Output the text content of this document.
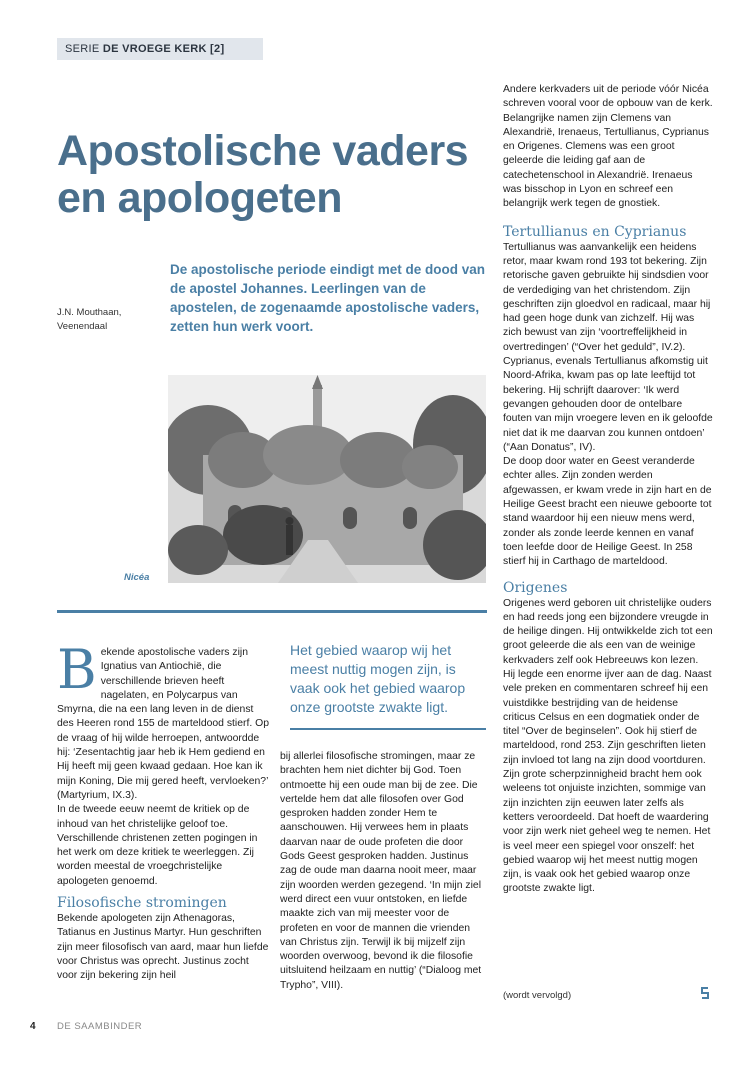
SERIE DE VROEGE KERK [2]
Apostolische vaders en apologeten

De apostolische periode eindigt met de dood van de apostel Johannes. Leerlingen van de apostelen, de zogenaamde apostolische vaders, zetten hun werk voort.

J.N. Mouthaan,
Veenendaal
Nicéa

Bekende apostolische vaders zijn Ignatius van Antiochië, die verschillende brieven heeft nagelaten, en Polycarpus van Smyrna, die na een lang leven in de dienst des Heeren rond 155 de marteldood stierf. Op de vraag of hij wilde herroepen, antwoordde hij: ‘Zesentachtig jaar heb ik Hem gediend en Hij heeft mij geen kwaad gedaan. Hoe kan ik mijn Koning, Die mij gered heeft, vervloeken?’ (Martyrium, IX.3).

In de tweede eeuw neemt de kritiek op de inhoud van het christelijke geloof toe. Verschillende christenen zetten pogingen in het werk om deze kritiek te weerleggen. Zij worden meestal de vroegchristelijke apologeten genoemd.

Filosofische stromingen

Bekende apologeten zijn Athenagoras, Tatianus en Justinus Martyr. Hun geschriften zijn meer filosofisch van aard, maar hun liefde voor Christus was oprecht. Justinus zocht voor zijn bekering zijn heil

Het gebied waarop wij het meest nuttig mogen zijn, is vaak ook het gebied waarop onze grootste zwakte ligt.

bij allerlei filosofische stromingen, maar ze brachten hem niet dichter bij God. Toen ontmoette hij een oude man bij de zee. Die vertelde hem dat alle filosofen over God gesproken hadden zonder Hem te aanschouwen. Hij verwees hem in plaats daarvan naar de oude profeten die door Gods Geest gesproken hadden. Justinus zag de oude man daarna nooit meer, maar zijn woorden werden gezegend. ‘In mijn ziel werd direct een vuur ontstoken, en liefde maakte zich van mij meester voor de profeten en voor de mannen die vrienden van Christus zijn. Terwijl ik bij mijzelf zijn woorden overwoog, bevond ik die filosofie uitsluitend heilzaam en nuttig’ (“Dialoog met Trypho”, VIII).

Andere kerkvaders uit de periode vóór Nicéa schreven vooral voor de opbouw van de kerk. Belangrijke namen zijn Clemens van Alexandrië, Irenaeus, Tertullianus, Cyprianus en Origenes. Clemens was een groot geleerde die leiding gaf aan de catechetenschool in Alexandrië. Irenaeus was bisschop in Lyon en schreef een belangrijk werk tegen de gnostiek.

Tertullianus en Cyprianus

Tertullianus was aanvankelijk een heidens retor, maar kwam rond 193 tot bekering. Zijn retorische gaven gebruikte hij sindsdien voor de verdediging van het christendom. Zijn geschriften zijn gloedvol en radicaal, maar hij had geen hoge dunk van zichzelf. Hij was zich bewust van zijn ‘voortreffelijkheid in overtredingen’ (“Over het geduld”, IV.2).

Cyprianus, evenals Tertullianus afkomstig uit Noord-Afrika, kwam pas op late leeftijd tot bekering. Hij schrijft daarover: ‘Ik werd gevangen gehouden door de ontelbare fouten van mijn vroegere leven en ik geloofde niet dat ik me daarvan zou kunnen ontdoen’ (“Aan Donatus”, IV).

De doop door water en Geest veranderde echter alles. Zijn zonden werden afgewassen, er kwam vrede in zijn hart en de Heilige Geest bracht een nieuwe geboorte tot stand waardoor hij een nieuw mens werd, zonder als zonde leerde kennen en vanaf toen leefde door de Heilige Geest. In 258 stierf hij in Carthago de marteldood.

Origenes

Origenes werd geboren uit christelijke ouders en had reeds jong een bijzondere vreugde in de heilige dingen. Hij ontwikkelde zich tot een groot geleerde die als een van de weinige kerkvaders zelf ook Hebreeuws kon lezen. Hij legde een enorme ijver aan de dag. Naast vele preken en commentaren schreef hij een vuistdikke bestrijding van de heidense criticus Celsus en een dogmatiek onder de titel “Over de beginselen”. Ook hij stierf de marteldood, rond 253. Zijn geschriften lieten zijn invloed tot lang na zijn dood voortduren. Zijn grote scherpzinnigheid bracht hem ook weleens tot onjuiste inzichten, sommige van zijn inzichten zijn eeuwen later zelfs als ketters veroordeeld. Dat hoeft de waardering voor zijn werk niet geheel weg te nemen. Het is veel meer een spiegel voor onszelf: het gebied waarop wij het meest nuttig mogen zijn, is vaak ook het gebied waarop onze grootste zwakte ligt.

(wordt vervolgd)
4 DE SAAMBINDER
